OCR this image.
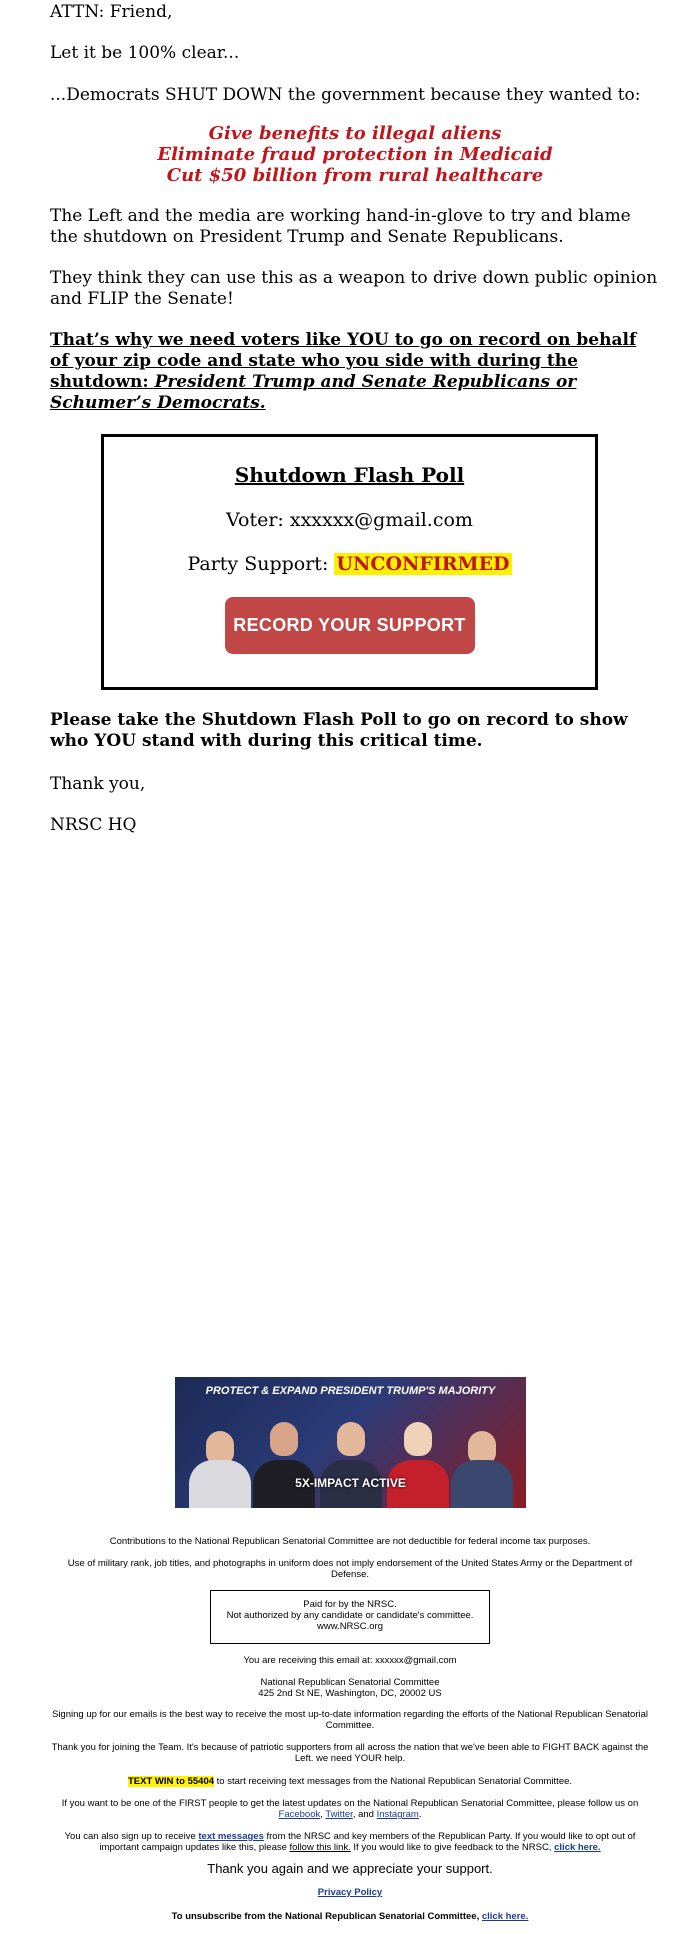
ATTN: Friend,

Let it be 100% clear...

...Democrats SHUT DOWN the government because they wanted to:

Give benefits to illegal aliens

Eliminate fraud protection in Medicaid

Cut $50 billion from rural healthcare

The Left and the media are working hand-in-glove to try and blame the shutdown on President Trump and Senate Republicans.

They think they can use this as a weapon to drive down public opinion and FLIP the Senate!

That’s why we need voters like YOU to go on record on behalf of your zip code and state who you side with during the shutdown: President Trump and Senate Republicans or Schumer’s Democrats.

Shutdown Flash Poll
Voter: xxxxxx@gmail.com
Party Support: UNCONFIRMED
RECORD YOUR SUPPORT

Please take the Shutdown Flash Poll to go on record to show who YOU stand with during this critical time.

Thank you,

NRSC HQ

PROTECT & EXPAND PRESIDENT TRUMP'S MAJORITY
5X-IMPACT ACTIVE
Contributions to the National Republican Senatorial Committee are not deductible for federal income tax purposes.
Use of military rank, job titles, and photographs in uniform does not imply endorsement of the United States Army or the Department of Defense.
Paid for by the NRSC.
Not authorized by any candidate or candidate's committee.
www.NRSC.org
You are receiving this email at: xxxxxx@gmail.com
National Republican Senatorial Committee
425 2nd St NE, Washington, DC, 20002 US
Signing up for our emails is the best way to receive the most up-to-date information regarding the efforts of the National Republican Senatorial Committee.
Thank you for joining the Team. It's because of patriotic supporters from all across the nation that we've been able to FIGHT BACK against the Left. we need YOUR help.
TEXT WIN to 55404 to start receiving text messages from the National Republican Senatorial Committee.
If you want to be one of the FIRST people to get the latest updates on the National Republican Senatorial Committee, please follow us on Facebook, Twitter, and Instagram.
You can also sign up to receive text messages from the NRSC and key members of the Republican Party. If you would like to opt out of important campaign updates like this, please follow this link. If you would like to give feedback to the NRSC, click here.
Thank you again and we appreciate your support.
Privacy Policy
To unsubscribe from the National Republican Senatorial Committee, click here.
